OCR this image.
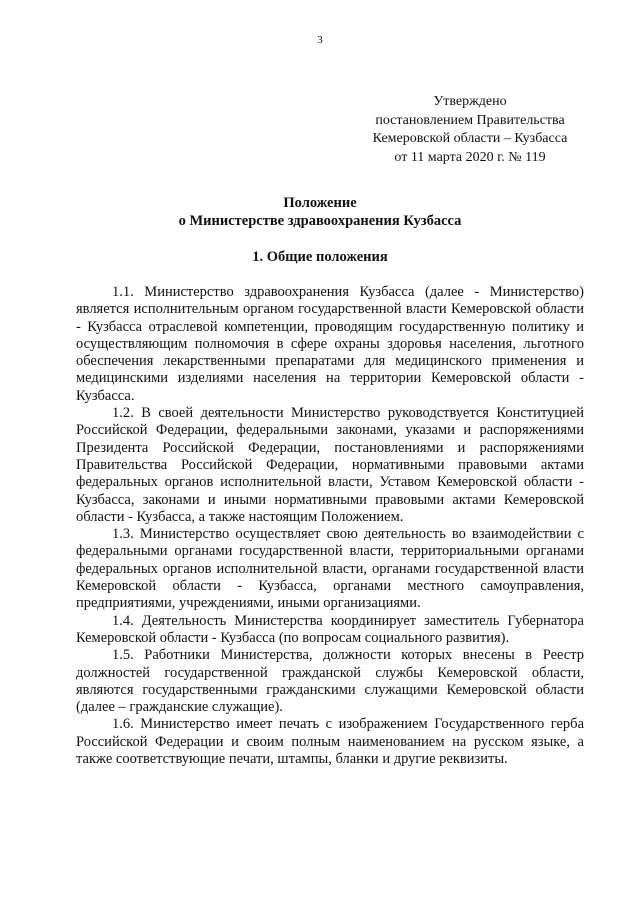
3
Утверждено
постановлением Правительства
Кемеровской области – Кузбасса
от 11 марта 2020 г. № 119
Положение
о Министерстве здравоохранения Кузбасса
1. Общие положения

1.1. Министерство здравоохранения Кузбасса (далее - Министерство) является исполнительным органом государственной власти Кемеровской области - Кузбасса отраслевой компетенции, проводящим государственную политику и осуществляющим полномочия в сфере охраны здоровья населения, льготного обеспечения лекарственными препаратами для медицинского применения и медицинскими изделиями населения на территории Кемеровской области - Кузбасса.

1.2. В своей деятельности Министерство руководствуется Конституцией Российской Федерации, федеральными законами, указами и распоряжениями Президента Российской Федерации, постановлениями и распоряжениями Правительства Российской Федерации, нормативными правовыми актами федеральных органов исполнительной власти, Уставом Кемеровской области - Кузбасса, законами и иными нормативными правовыми актами Кемеровской области - Кузбасса, а также настоящим Положением.

1.3. Министерство осуществляет свою деятельность во взаимодействии с федеральными органами государственной власти, территориальными органами федеральных органов исполнительной власти, органами государственной власти Кемеровской области - Кузбасса, органами местного самоуправления, предприятиями, учреждениями, иными организациями.

1.4. Деятельность Министерства координирует заместитель Губернатора Кемеровской области - Кузбасса (по вопросам социального развития).

1.5. Работники Министерства, должности которых внесены в Реестр должностей государственной гражданской службы Кемеровской области, являются государственными гражданскими служащими Кемеровской области (далее – гражданские служащие).

1.6. Министерство имеет печать с изображением Государственного герба Российской Федерации и своим полным наименованием на русском языке, а также соответствующие печати, штампы, бланки и другие реквизиты.
